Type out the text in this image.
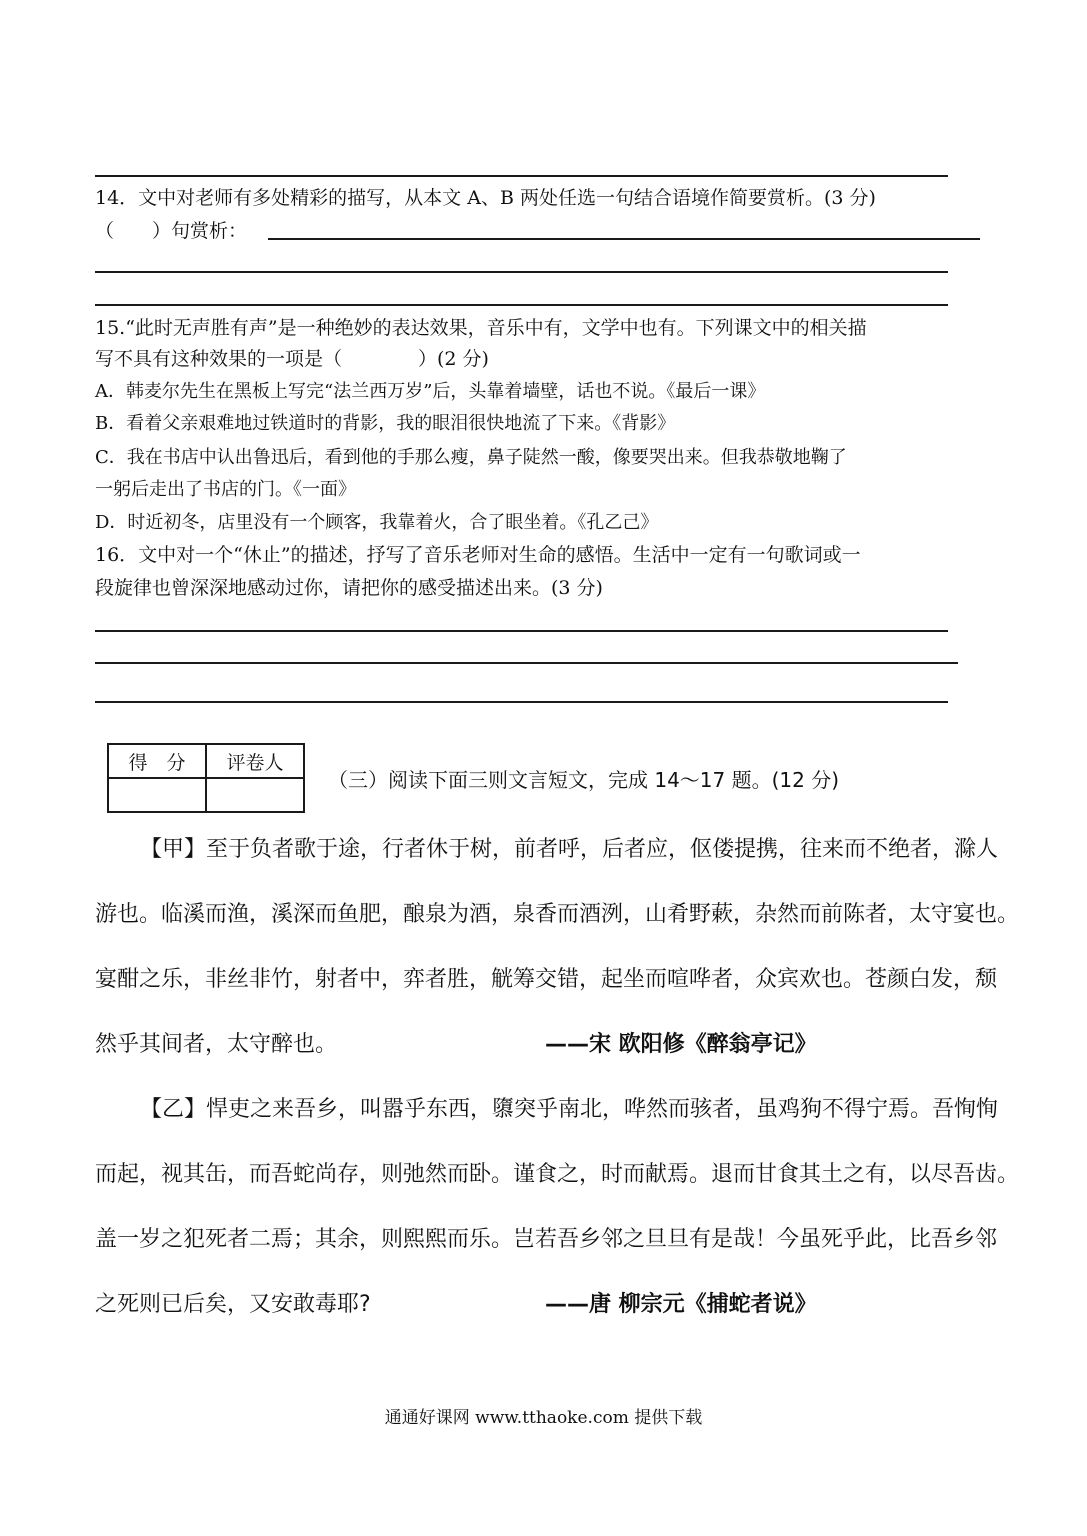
14．文中对老师有多处精彩的描写，从本文 A、B 两处任选一句结合语境作简要赏析。(3 分)
（　　）句赏析：
15.“此时无声胜有声”是一种绝妙的表达效果，音乐中有，文学中也有。下列课文中的相关描
写不具有这种效果的一项是（　　　　）(2 分)
A．韩麦尔先生在黑板上写完“法兰西万岁”后，头靠着墙壁，话也不说。《最后一课》
B．看着父亲艰难地过铁道时的背影，我的眼泪很快地流了下来。《背影》
C．我在书店中认出鲁迅后，看到他的手那么瘦，鼻子陡然一酸，像要哭出来。但我恭敬地鞠了
一躬后走出了书店的门。《一面》
D．时近初冬，店里没有一个顾客，我靠着火，合了眼坐着。《孔乙己》
16．文中对一个“休止”的描述，抒写了音乐老师对生命的感悟。生活中一定有一句歌词或一
段旋律也曾深深地感动过你，请把你的感受描述出来。(3 分)
得　分	评卷人

（三）阅读下面三则文言短文，完成 14～17 题。(12 分)
【甲】至于负者歌于途，行者休于树，前者呼，后者应，伛偻提携，往来而不绝者，滁人
游也。临溪而渔，溪深而鱼肥，酿泉为酒，泉香而酒洌，山肴野蔌，杂然而前陈者，太守宴也。
宴酣之乐，非丝非竹，射者中，弈者胜，觥筹交错，起坐而喧哗者，众宾欢也。苍颜白发，颓
然乎其间者，太守醉也。	——宋 欧阳修《醉翁亭记》
【乙】悍吏之来吾乡，叫嚣乎东西，隳突乎南北，哗然而骇者，虽鸡狗不得宁焉。吾恂恂
而起，视其缶，而吾蛇尚存，则弛然而卧。谨食之，时而献焉。退而甘食其土之有，以尽吾齿。
盖一岁之犯死者二焉；其余，则熙熙而乐。岂若吾乡邻之旦旦有是哉！今虽死乎此，比吾乡邻
之死则已后矣，又安敢毒耶?	——唐 柳宗元《捕蛇者说》
通通好课网 www.tthaoke.com 提供下载
